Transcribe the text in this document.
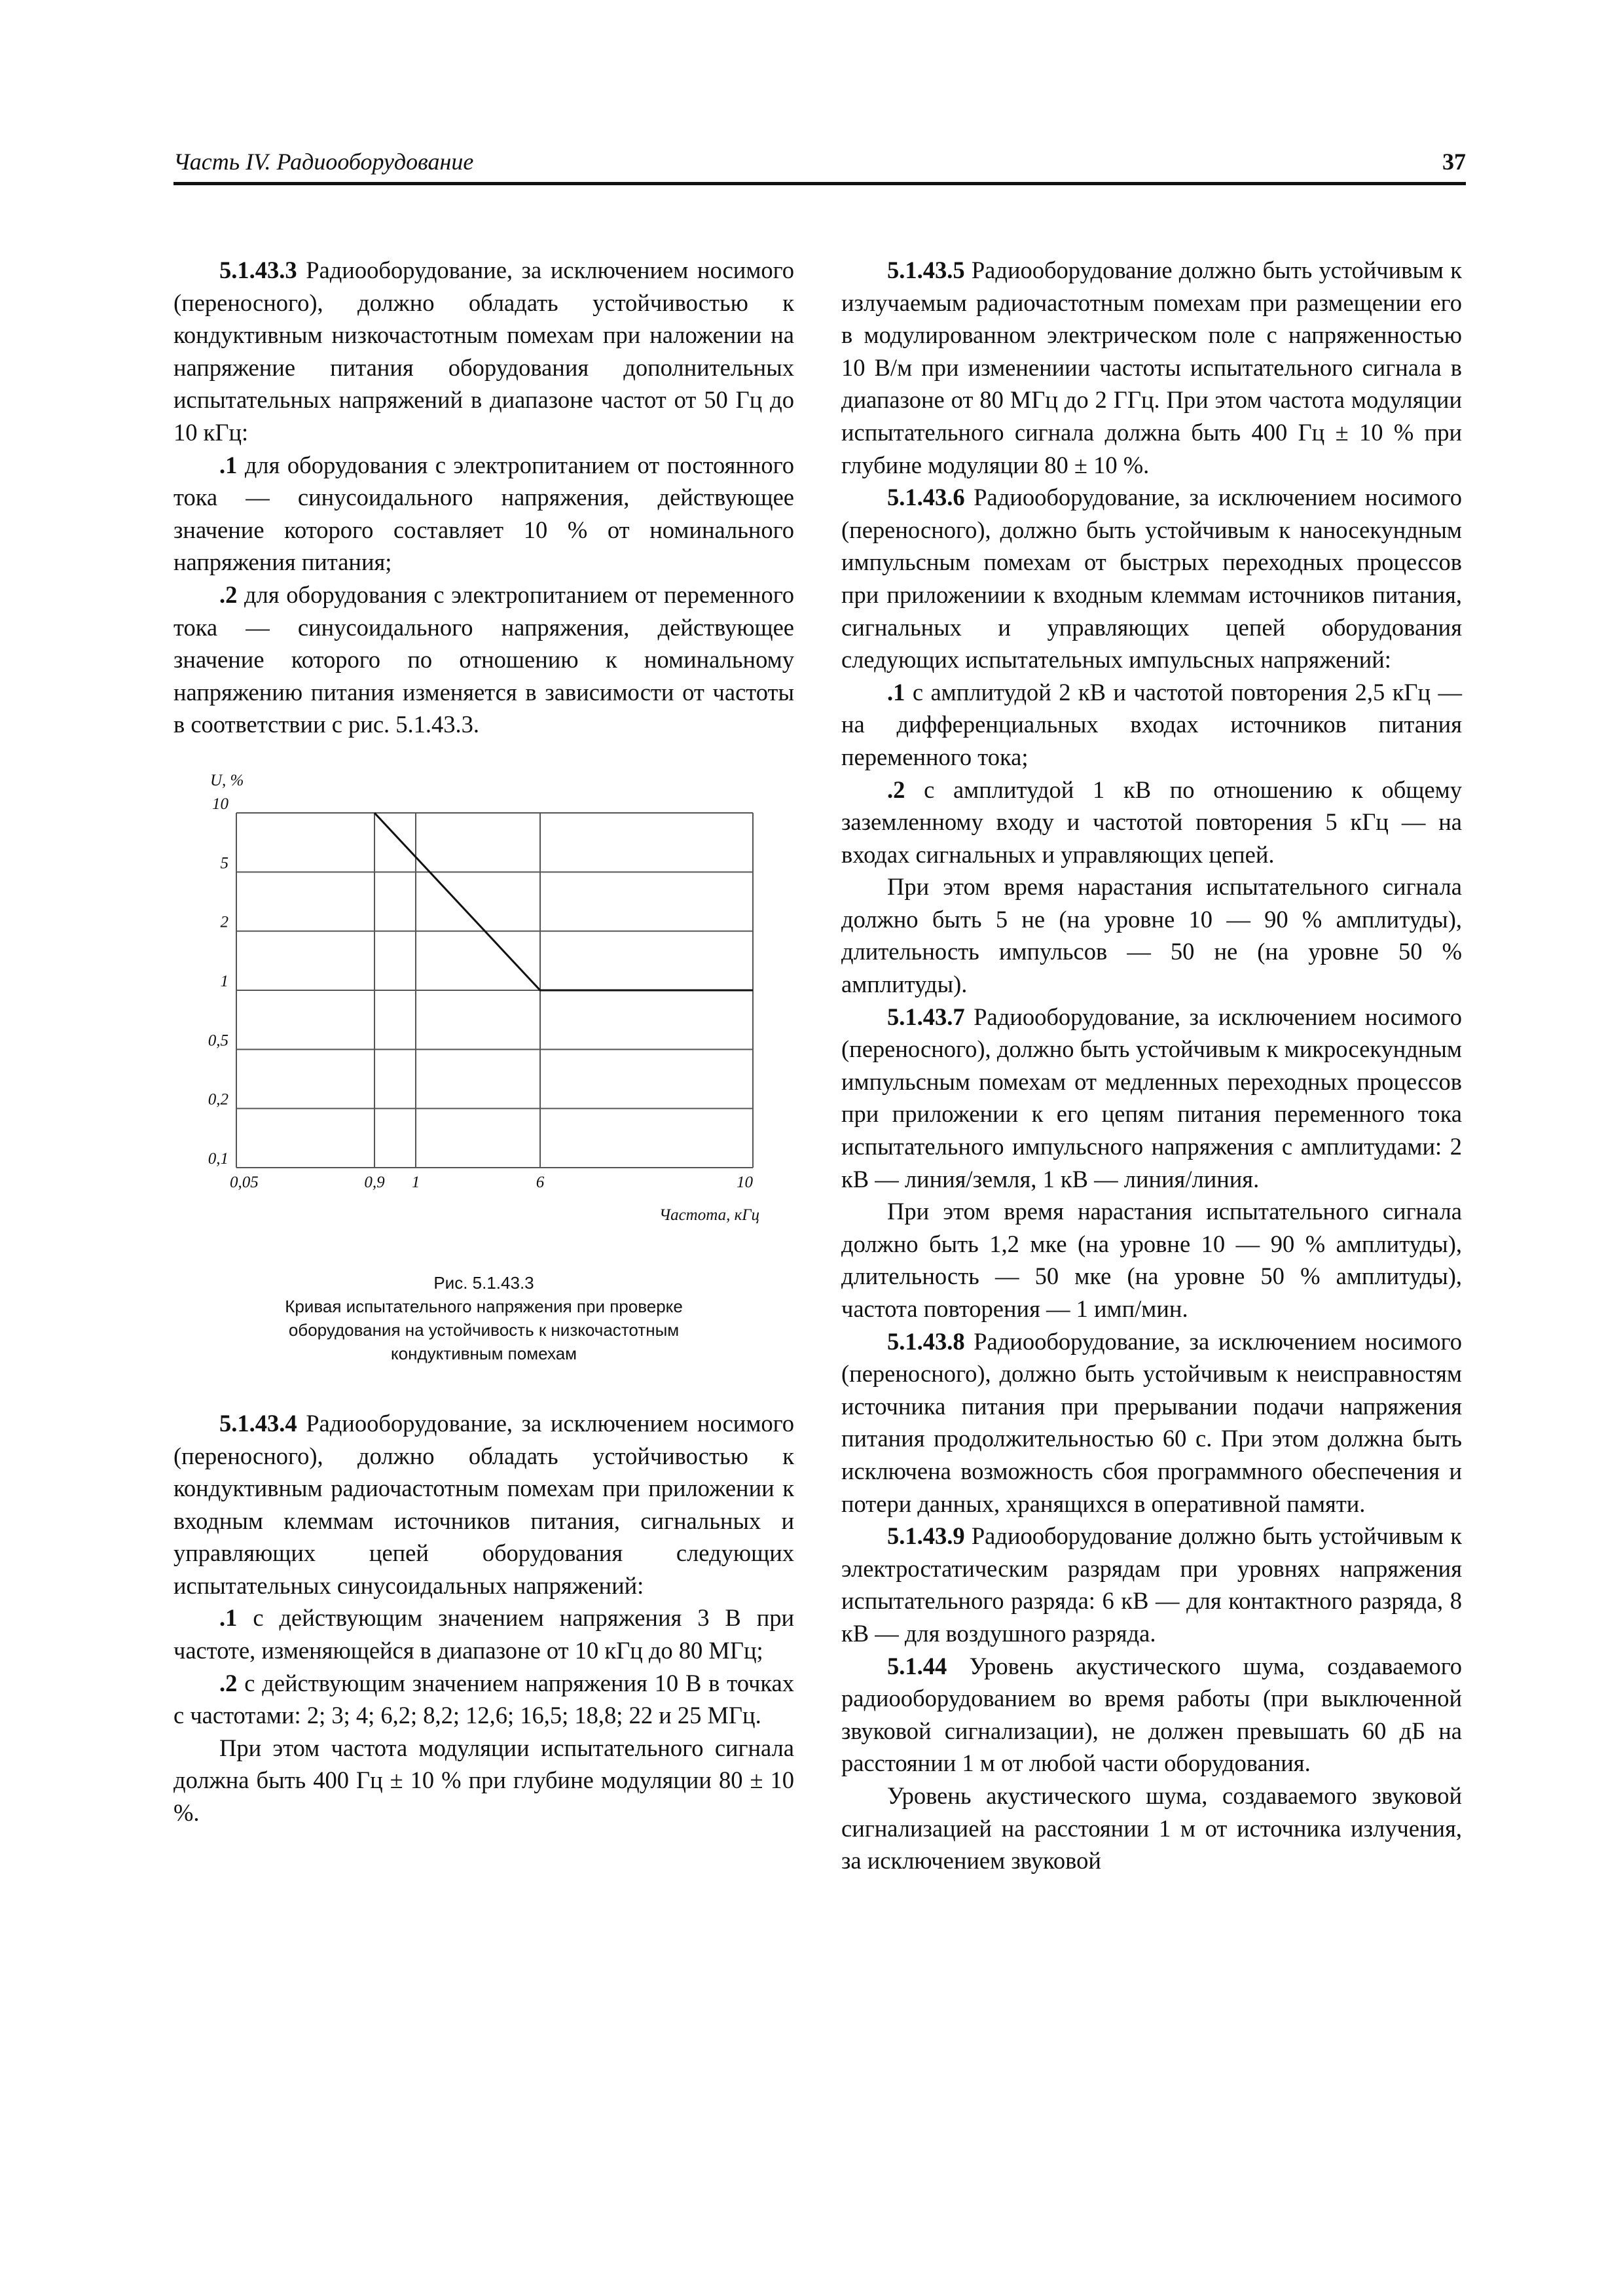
Часть IV. Радиооборудование	37

5.1.43.3 Радиооборудование, за исключением носимого (переносного), должно обладать устойчивостью к кондуктивным низкочастотным помехам при наложении на напряжение питания оборудования дополнительных испытательных напряжений в диапазоне частот от 50 Гц до 10 кГц:

.1 для оборудования с электропитанием от постоянного тока — синусоидального напряжения, действующее значение которого составляет 10 % от номинального напряжения питания;

.2 для оборудования с электропитанием от переменного тока — синусоидального напряжения, действующее значение которого по отношению к номинальному напряжению питания изменяется в зависимости от частоты в соответствии с рис. 5.1.43.3.

10
5
2
1
0,5
0,2
0,1
0,05	0,9 1	6	10
U, %
Частота, кГц
Рис. 5.1.43.3
Кривая испытательного напряжения при проверке
оборудования на устойчивость к низкочастотным
кондуктивным помехам

5.1.43.4 Радиооборудование, за исключением носимого (переносного), должно обладать устойчивостью к кондуктивным радиочастотным помехам при приложении к входным клеммам источников питания, сигнальных и управляющих цепей оборудования следующих испытательных синусоидальных напряжений:

.1 с действующим значением напряжения 3 В при частоте, изменяющейся в диапазоне от 10 кГц до 80 МГц;

.2 с действующим значением напряжения 10 В в точках с частотами: 2; 3; 4; 6,2; 8,2; 12,6; 16,5; 18,8; 22 и 25 МГц.

При этом частота модуляции испытательного сигнала должна быть 400 Гц ± 10 % при глубине модуляции 80 ± 10 %.

5.1.43.5 Радиооборудование должно быть устойчивым к излучаемым радиочастотным помехам при размещении его в модулированном электрическом поле с напряженностью 10 В/м при изменениии частоты испытательного сигнала в диапазоне от 80 МГц до 2 ГГц. При этом частота модуляции испытательного сигнала должна быть 400 Гц ± 10 % при глубине модуляции 80 ± 10 %.

5.1.43.6 Радиооборудование, за исключением носимого (переносного), должно быть устойчивым к наносекундным импульсным помехам от быстрых переходных процессов при приложениии к входным клеммам источников питания, сигнальных и управляющих цепей оборудования следующих испытательных импульсных напряжений:

.1 с амплитудой 2 кВ и частотой повторения 2,5 кГц — на дифференциальных входах источников питания переменного тока;

.2 с амплитудой 1 кВ по отношению к общему заземленному входу и частотой повторения 5 кГц — на входах сигнальных и управляющих цепей.

При этом время нарастания испытательного сигнала должно быть 5 не (на уровне 10 — 90 % амплитуды), длительность импульсов — 50 не (на уровне 50 % амплитуды).

5.1.43.7 Радиооборудование, за исключением носимого (переносного), должно быть устойчивым к микросекундным импульсным помехам от медленных переходных процессов при приложении к его цепям питания переменного тока испытательного импульсного напряжения с амплитудами: 2 кВ — линия/земля, 1 кВ — линия/линия.

При этом время нарастания испытательного сигнала должно быть 1,2 мке (на уровне 10 — 90 % амплитуды), длительность — 50 мке (на уровне 50 % амплитуды), частота повторения — 1 имп/мин.

5.1.43.8 Радиооборудование, за исключением носимого (переносного), должно быть устойчивым к неисправностям источника питания при прерывании подачи напряжения питания продолжительностью 60 с. При этом должна быть исключена возможность сбоя программного обеспечения и потери данных, хранящихся в оперативной памяти.

5.1.43.9 Радиооборудование должно быть устойчивым к электростатическим разрядам при уровнях напряжения испытательного разряда: 6 кВ — для контактного разряда, 8 кВ — для воздушного разряда.

5.1.44 Уровень акустического шума, создаваемого радиооборудованием во время работы (при выключенной звуковой сигнализации), не должен превышать 60 дБ на расстоянии 1 м от любой части оборудования.

Уровень акустического шума, создаваемого звуковой сигнализацией на расстоянии 1 м от источника излучения, за исключением звуковой
